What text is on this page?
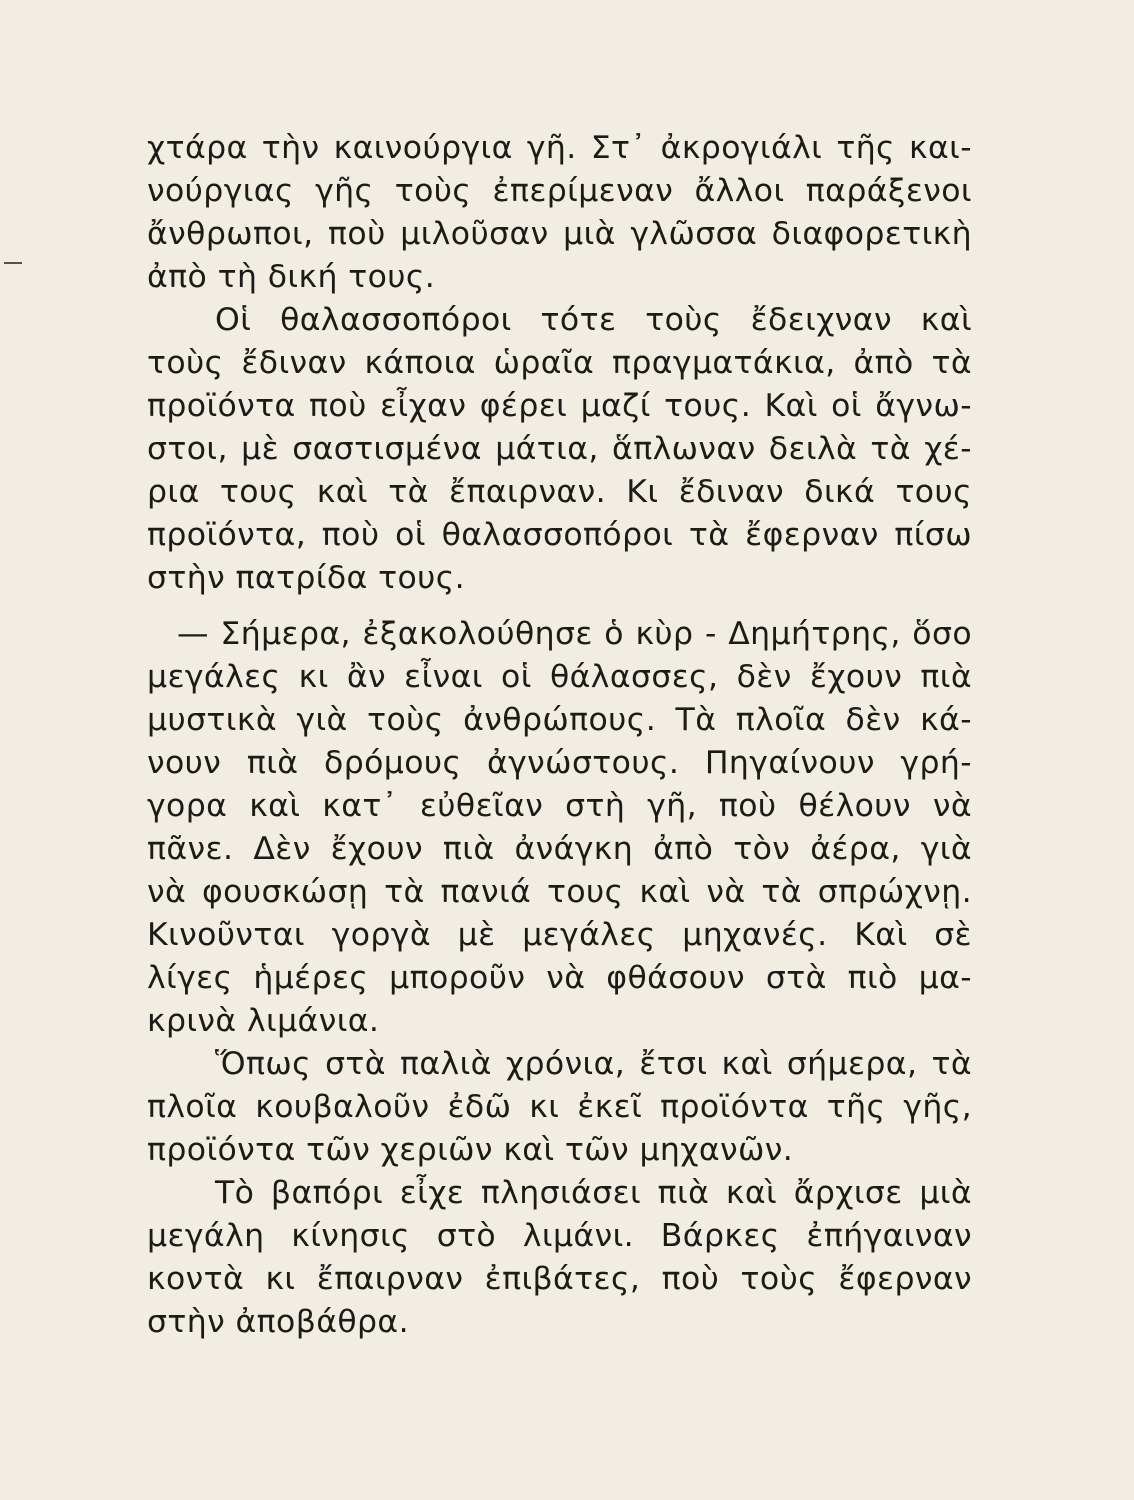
χτάρα τὴν καινούργια γῆ. Στ᾿ ἀκρογιάλι τῆς και-
νούργιας γῆς τοὺς ἐπερίμεναν ἄλλοι παράξενοι
ἄνθρωποι, ποὺ μιλοῦσαν μιὰ γλῶσσα διαφορετικὴ
ἀπὸ τὴ δική τους.
Οἱ θαλασσοπόροι τότε τοὺς ἔδειχναν καὶ
τοὺς ἔδιναν κάποια ὡραῖα πραγματάκια, ἀπὸ τὰ
προϊόντα ποὺ εἶχαν φέρει μαζί τους. Καὶ οἱ ἄγνω-
στοι, μὲ σαστισμένα μάτια, ἅπλωναν δειλὰ τὰ χέ-
ρια τους καὶ τὰ ἔπαιρναν. Κι ἔδιναν δικά τους
προϊόντα, ποὺ οἱ θαλασσοπόροι τὰ ἔφερναν πίσω
στὴν πατρίδα τους.
— Σήμερα, ἐξακολούθησε ὁ κὺρ - Δημήτρης, ὅσο
μεγάλες κι ἂν εἶναι οἱ θάλασσες, δὲν ἔχουν πιὰ
μυστικὰ γιὰ τοὺς ἀνθρώπους. Τὰ πλοῖα δὲν κά-
νουν πιὰ δρόμους ἀγνώστους. Πηγαίνουν γρή-
γορα καὶ κατ᾿ εὐθεῖαν στὴ γῆ, ποὺ θέλουν νὰ
πᾶνε. Δὲν ἔχουν πιὰ ἀνάγκη ἀπὸ τὸν ἀέρα, γιὰ
νὰ φουσκώσῃ τὰ πανιά τους καὶ νὰ τὰ σπρώχνῃ.
Κινοῦνται γοργὰ μὲ μεγάλες μηχανές. Καὶ σὲ
λίγες ἡμέρες μποροῦν νὰ φθάσουν στὰ πιὸ μα-
κρινὰ λιμάνια.
Ὅπως στὰ παλιὰ χρόνια, ἔτσι καὶ σήμερα, τὰ
πλοῖα κουβαλοῦν ἐδῶ κι ἐκεῖ προϊόντα τῆς γῆς,
προϊόντα τῶν χεριῶν καὶ τῶν μηχανῶν.
Τὸ βαπόρι εἶχε πλησιάσει πιὰ καὶ ἄρχισε μιὰ
μεγάλη κίνησις στὸ λιμάνι. Βάρκες ἐπήγαιναν
κοντὰ κι ἔπαιρναν ἐπιβάτες, ποὺ τοὺς ἔφερναν
στὴν ἀποβάθρα.
